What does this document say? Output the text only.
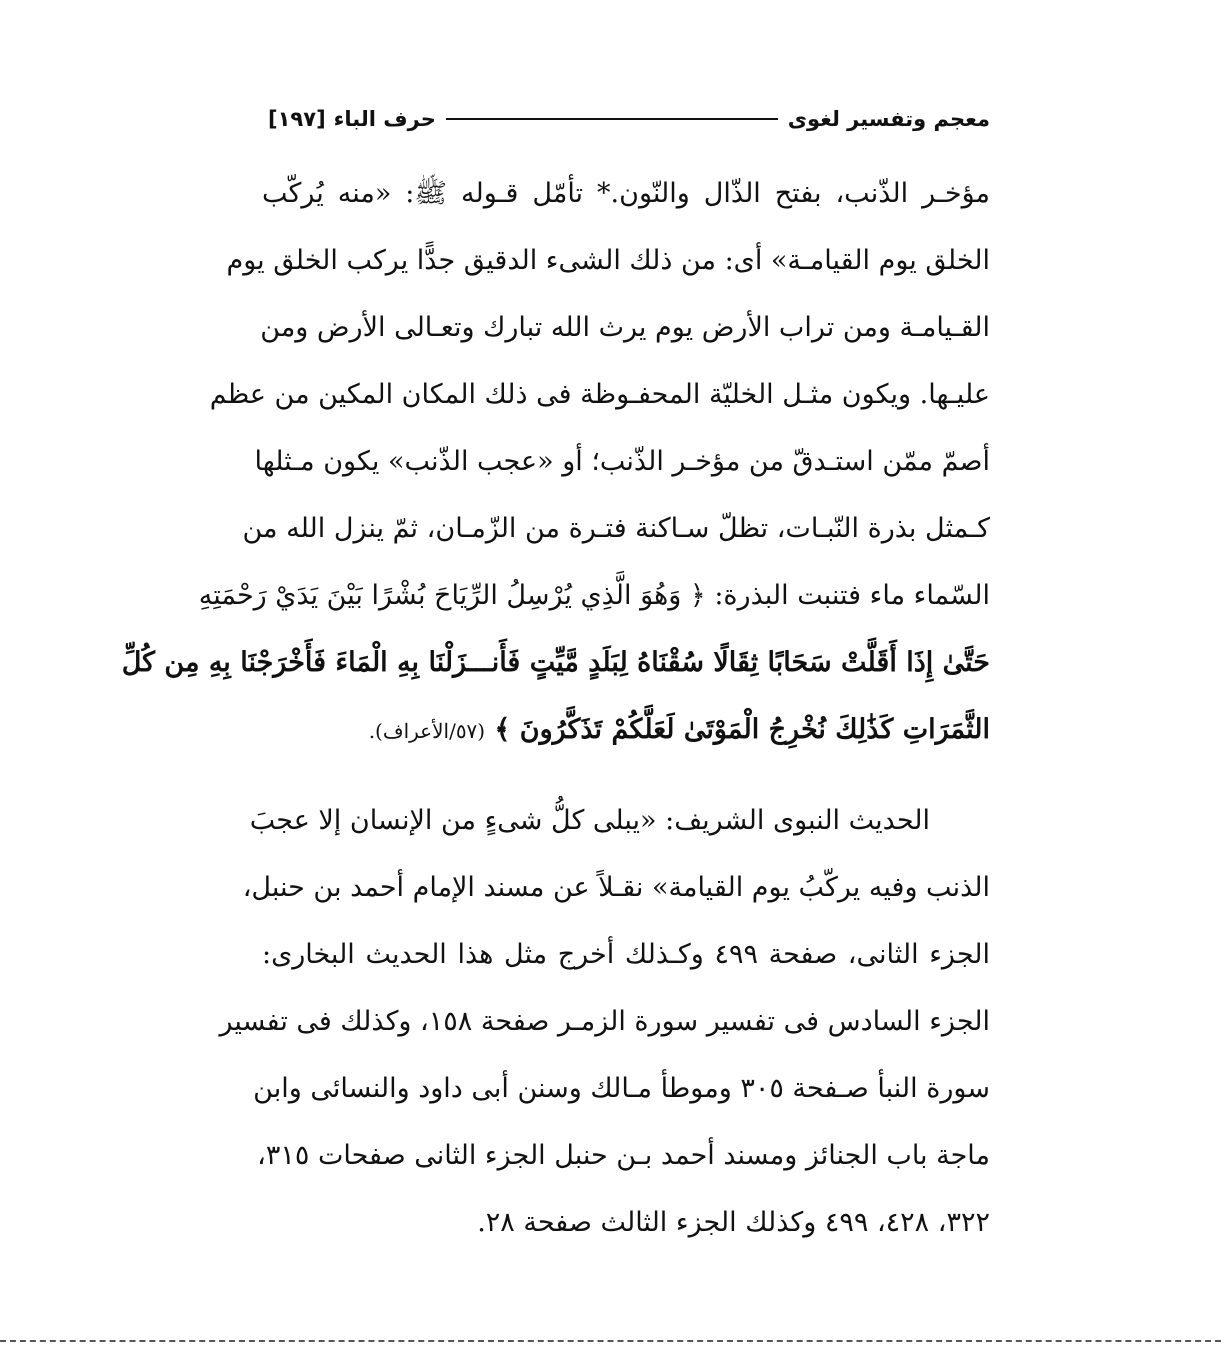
معجم وتفسير لغوى
حرف الباء
[١٩٧]
مؤخـر الذّنب، بفتح الذّال والنّون.* تأمّل قـوله ﷺ: «منه يُركّب
الخلق يوم القيامـة» أى: من ذلك الشىء الدقيق جدًّا يركب الخلق يوم
القـيامـة ومن تراب الأرض يوم يرث الله تبارك وتعـالى الأرض ومن
عليـها. ويكون مثـل الخليّة المحفـوظة فى ذلك المكان المكين من عظم
أصمّ ممّن استـدقّ من مؤخـر الذّنب؛ أو «عجب الذّنب» يكون مـثلها
كـمثل بذرة النّبـات، تظلّ سـاكنة فتـرة من الزّمـان، ثمّ ينزل الله من
السّماء ماء فتنبت البذرة: ﴿ وَهُوَ الَّذِي يُرْسِلُ الرِّيَاحَ بُشْرًا بَيْنَ يَدَيْ رَحْمَتِهِ
حَتَّىٰ إِذَا أَقَلَّتْ سَحَابًا ثِقَالًا سُقْنَاهُ لِبَلَدٍ مَّيِّتٍ فَأَنـــزَلْنَا بِهِ الْمَاءَ فَأَخْرَجْنَا بِهِ مِن كُلِّ
الثَّمَرَاتِ كَذَٰلِكَ نُخْرِجُ الْمَوْتَىٰ لَعَلَّكُمْ تَذَكَّرُونَ ﴾ (٥٧/الأعراف).
الحديث النبوى الشريف: «يبلى كلُّ شىءٍ من الإنسان إلا عجبَ
الذنب وفيه يركّبُ يوم القيامة» نقـلاً عن مسند الإمام أحمد بن حنبل،
الجزء الثانى، صفحة ٤٩٩ وكـذلك أخرج مثل هذا الحديث البخارى:
الجزء السادس فى تفسير سورة الزمـر صفحة ١٥٨، وكذلك فى تفسير
سورة النبأ صـفحة ٣٠٥ وموطأ مـالك وسنن أبى داود والنسائى وابن
ماجة باب الجنائز ومسند أحمد بـن حنبل الجزء الثانى صفحات ٣١٥،
٣٢٢، ٤٢٨، ٤٩٩ وكذلك الجزء الثالث صفحة ٢٨.
